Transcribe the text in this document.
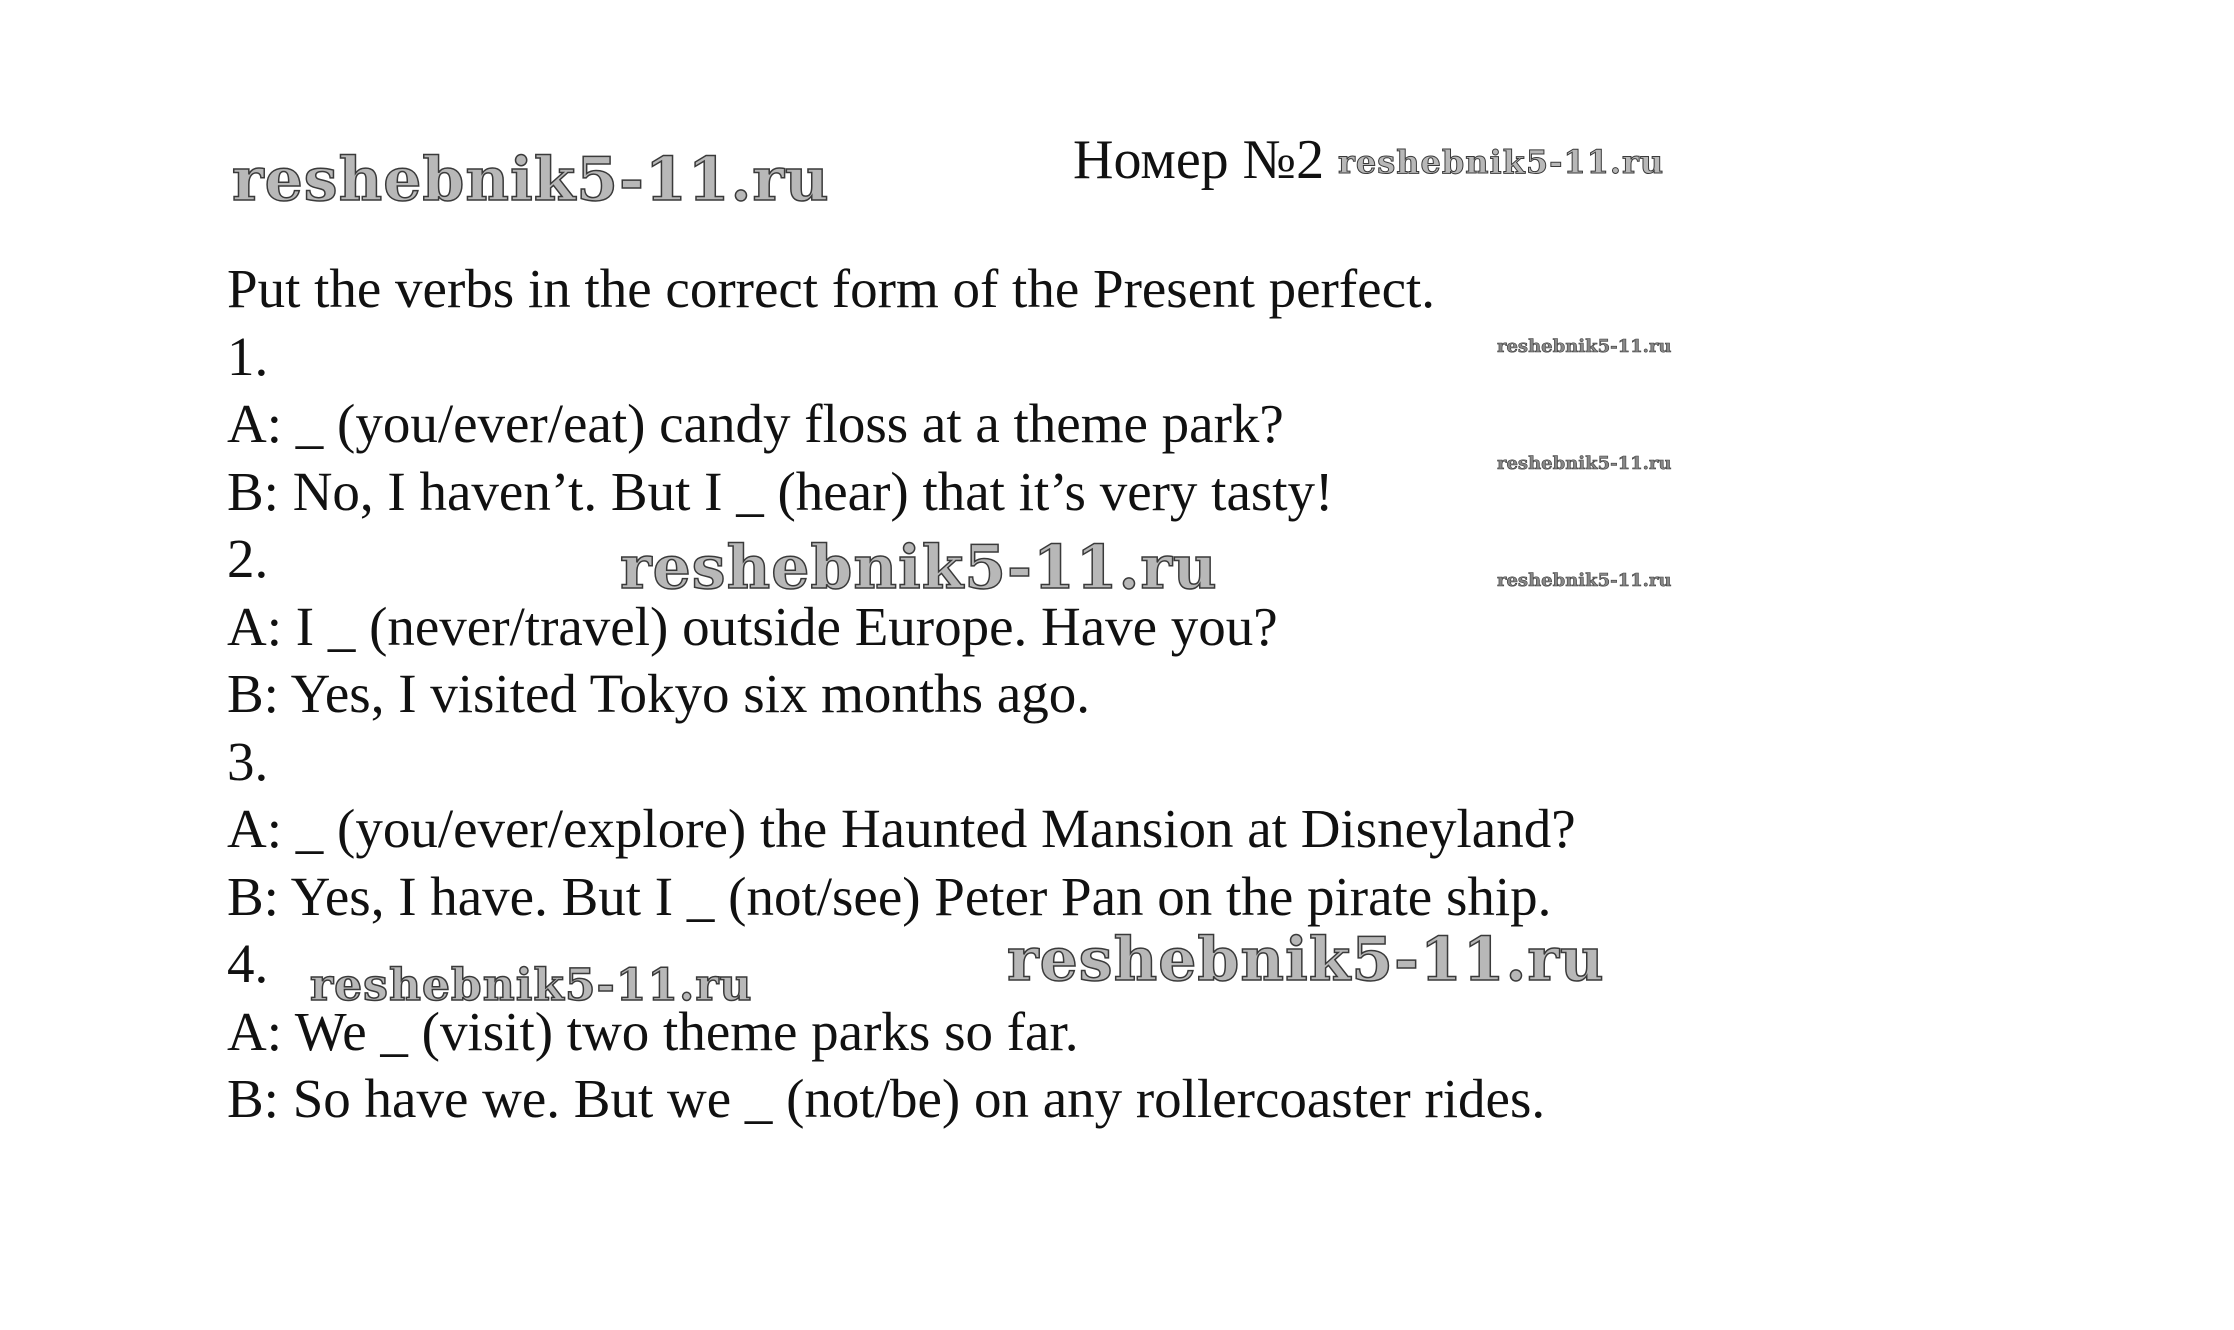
reshebnik5-11.ru	reshebnik5-11.ru
reshebnik5-11.ru
reshebnik5-11.ru
reshebnik5-11.ru
reshebnik5-11.ru
reshebnik5-11.ru
reshebnik5-11.ru
Номер №2
Put the verbs in the correct form of the Present perfect.
1.
A: _ (you/ever/eat) candy floss at a theme park?
B: No, I haven’t. But I _ (hear) that it’s very tasty!
2.
A: I _ (never/travel) outside Europe. Have you?
B: Yes, I visited Tokyo six months ago.
3.
A: _ (you/ever/explore) the Haunted Mansion at Disneyland?
B: Yes, I have. But I _ (not/see) Peter Pan on the pirate ship.
4.
A: We _ (visit) two theme parks so far.
B: So have we. But we _ (not/be) on any rollercoaster rides.
